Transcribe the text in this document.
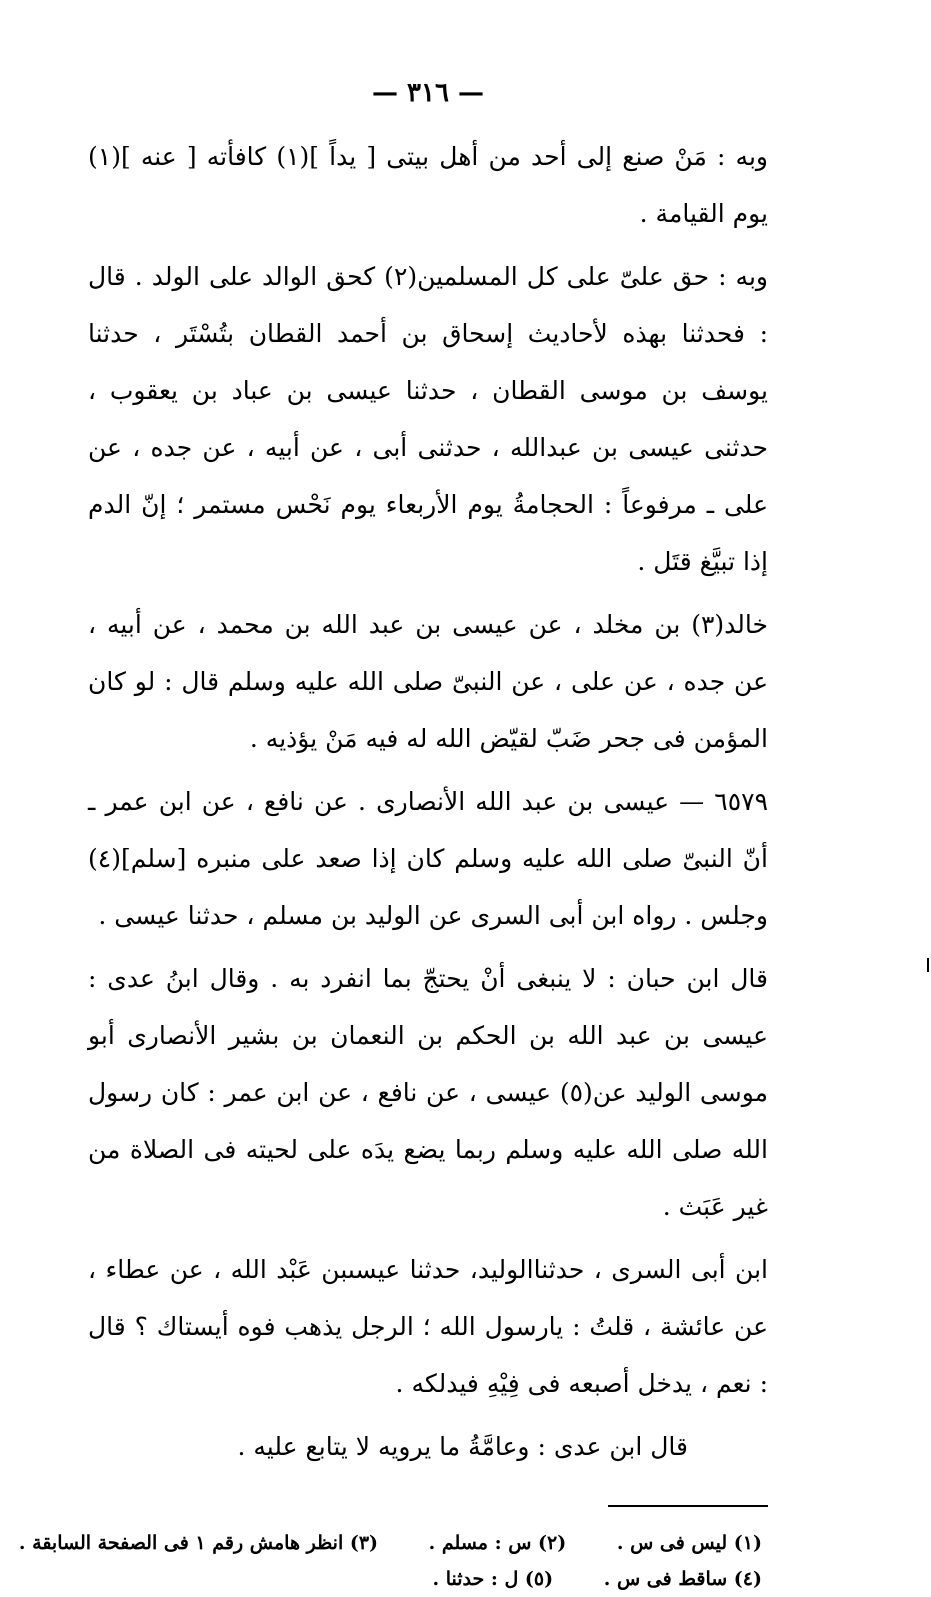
— ٣١٦ —

وبه : مَنْ صنع إلى أحد من أهل بيتى [ يداً ](١) كافأته [ عنه ](١) يوم القيامة .

وبه : حق علىّ على كل المسلمين(٢) كحق الوالد على الولد . قال : فحدثنا بهذه لأحاديث إسحاق بن أحمد القطان بتُسْتَر ، حدثنا يوسف بن موسى القطان ، حدثنا عيسى بن عباد بن يعقوب ، حدثنى عيسى بن عبدالله ، حدثنى أبى ، عن أبيه ، عن جده ، عن على ـ مرفوعاً : الحجامةُ يوم الأربعاء يوم نَحْس مستمر ؛ إنّ الدم إذا تبيَّغ قتَل .

خالد(٣) بن مخلد ، عن عيسى بن عبد الله بن محمد ، عن أبيه ، عن جده ، عن على ، عن النبىّ صلى الله عليه وسلم قال : لو كان المؤمن فى جحر ضَبّ لقيّض الله له فيه مَنْ يؤذيه .

٦٥٧٩ — عيسى بن عبد الله الأنصارى . عن نافع ، عن ابن عمر ـ أنّ النبىّ صلى الله عليه وسلم كان إذا صعد على منبره [سلم](٤) وجلس . رواه ابن أبى السرى عن الوليد بن مسلم ، حدثنا عيسى .

قال ابن حبان : لا ينبغى أنْ يحتجّ بما انفرد به . وقال ابنُ عدى : عيسى بن عبد الله بن الحكم بن النعمان بن بشير الأنصارى أبو موسى الوليد عن(٥) عيسى ، عن نافع ، عن ابن عمر : كان رسول الله صلى الله عليه وسلم ربما يضع يدَه على لحيته فى الصلاة من غير عَبَث .

ابن أبى السرى ، حدثناالوليد، حدثنا عيسىبن عَبْد الله ، عن عطاء ، عن عائشة ، قلتُ : يارسول الله ؛ الرجل يذهب فوه أيستاك ؟ قال : نعم ، يدخل أصبعه فى فِيْهِ فيدلكه .

قال ابن عدى : وعامَّةُ ما يرويه لا يتابع عليه .

(١) ليس فى س . (٢) س : مسلم . (٣) انظر هامش رقم ١ فى الصفحة السابقة .
(٤) ساقط فى س . (٥) ل : حدثنا .
